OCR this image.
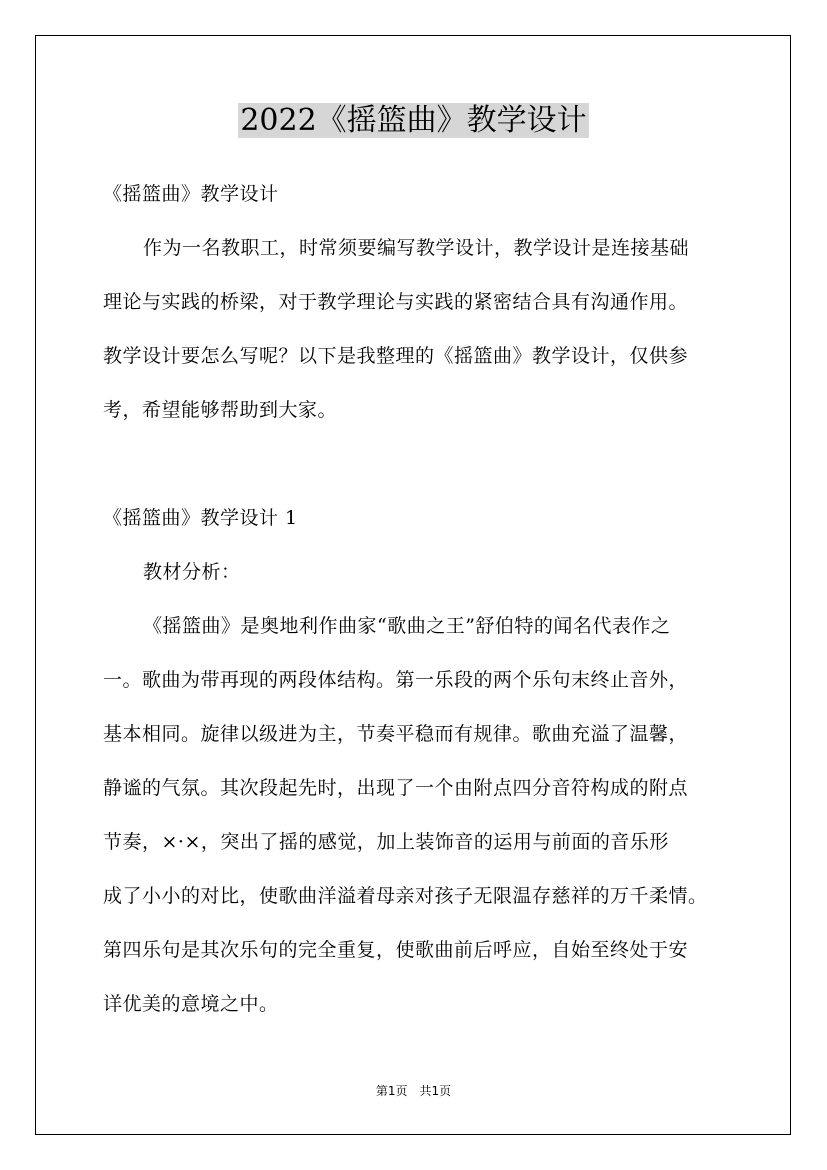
2022《摇篮曲》教学设计
《摇篮曲》教学设计
作为一名教职工，时常须要编写教学设计，教学设计是连接基础
理论与实践的桥梁，对于教学理论与实践的紧密结合具有沟通作用。
教学设计要怎么写呢？以下是我整理的《摇篮曲》教学设计，仅供参
考，希望能够帮助到大家。
《摇篮曲》教学设计 1
教材分析：
《摇篮曲》是奥地利作曲家“歌曲之王”舒伯特的闻名代表作之
一。歌曲为带再现的两段体结构。第一乐段的两个乐句末终止音外，
基本相同。旋律以级进为主，节奏平稳而有规律。歌曲充溢了温馨，
静谧的气氛。其次段起先时，出现了一个由附点四分音符构成的附点
节奏，×·×，突出了摇的感觉，加上装饰音的运用与前面的音乐形
成了小小的对比，使歌曲洋溢着母亲对孩子无限温存慈祥的万千柔情。
第四乐句是其次乐句的完全重复，使歌曲前后呼应，自始至终处于安
详优美的意境之中。
第1页　共1页
